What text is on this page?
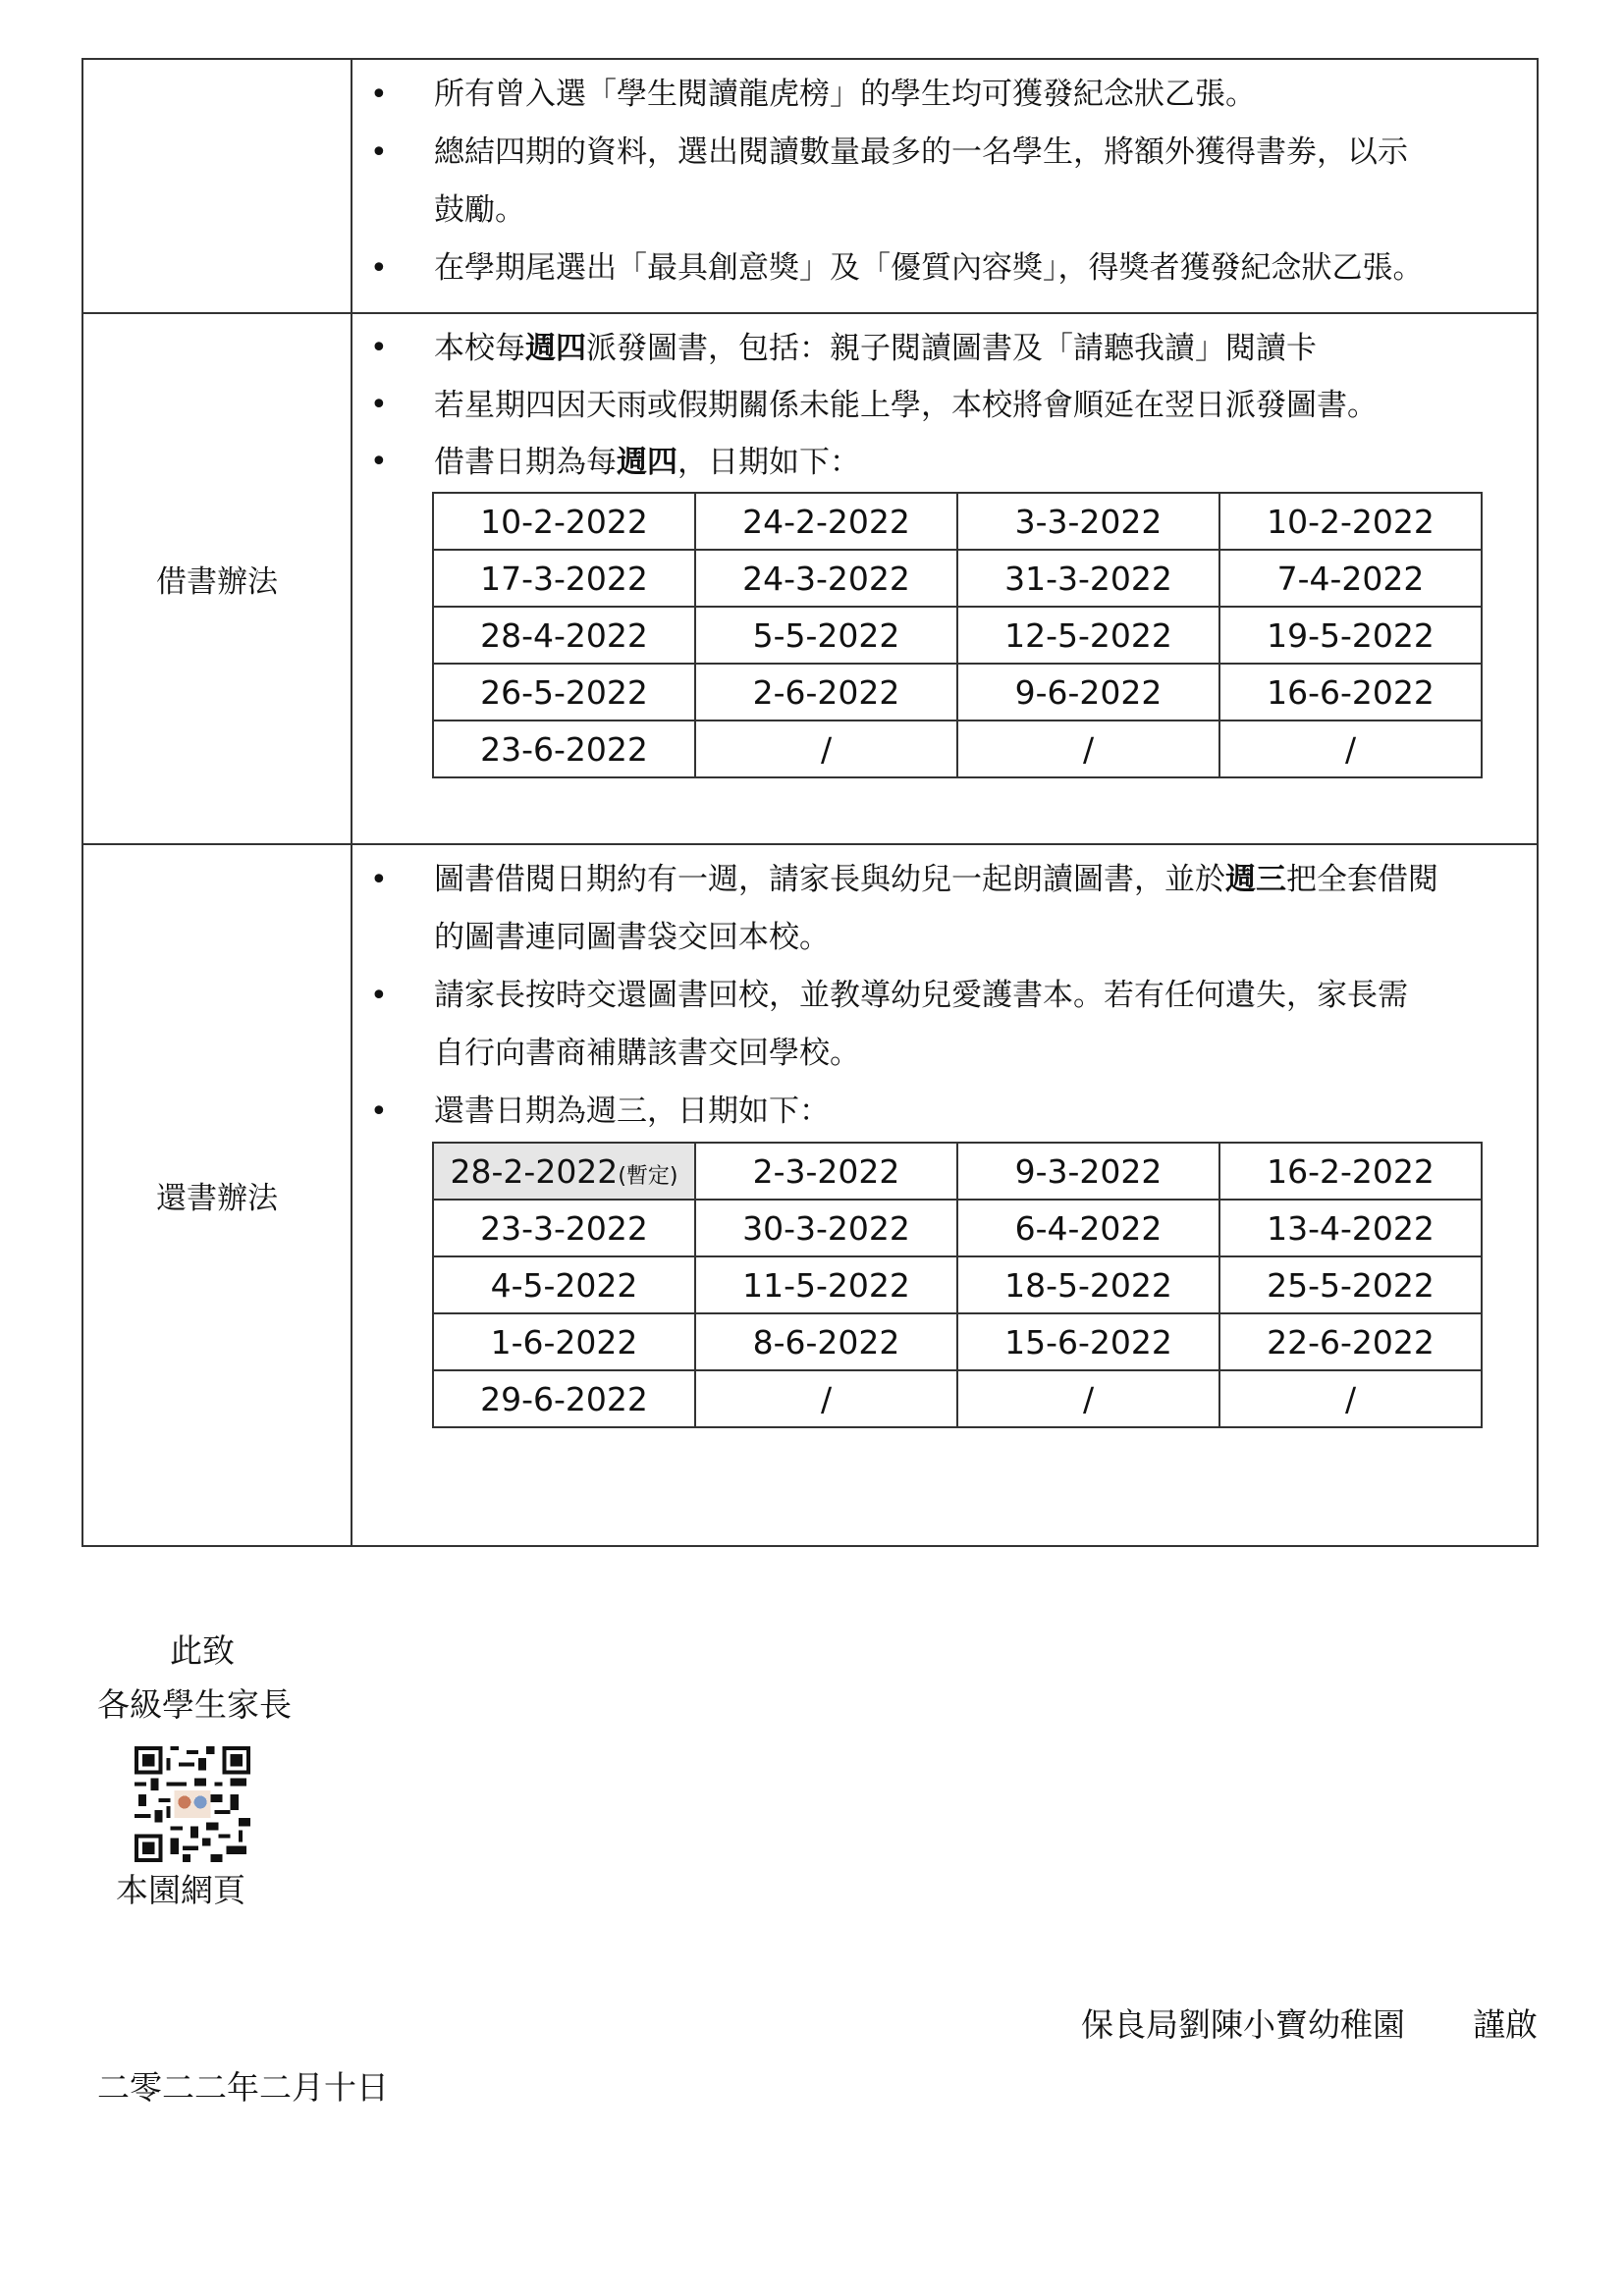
• 所有曾入選「學生閱讀龍虎榜」的學生均可獲發紀念狀乙張。
• 總結四期的資料，選出閱讀數量最多的一名學生，將額外獲得書劵，以示
鼓勵。
• 在學期尾選出「最具創意獎」及「優質內容獎」，得獎者獲發紀念狀乙張。

借書辦法	
• 本校每週四派發圖書，包括：親子閱讀圖書及「請聽我讀」閱讀卡
• 若星期四因天雨或假期關係未能上學，本校將會順延在翌日派發圖書。
• 借書日期為每週四，日期如下：
10-2-2022	24-2-2022	3-3-2022	10-2-2022
17-3-2022	24-3-2022	31-3-2022	7-4-2022
28-4-2022	5-5-2022	12-5-2022	19-5-2022
26-5-2022	2-6-2022	9-6-2022	16-6-2022
23-6-2022	/	/	/

還書辦法	
• 圖書借閱日期約有一週，請家長與幼兒一起朗讀圖書，並於週三把全套借閱
的圖書連同圖書袋交回本校。
• 請家長按時交還圖書回校，並教導幼兒愛護書本。若有任何遺失，家長需
自行向書商補購該書交回學校。
• 還書日期為週三，日期如下：
28-2-2022(暫定)	2-3-2022	9-3-2022	16-2-2022
23-3-2022	30-3-2022	6-4-2022	13-4-2022
4-5-2022	11-5-2022	18-5-2022	25-5-2022
1-6-2022	8-6-2022	15-6-2022	22-6-2022
29-6-2022	/	/	/
此致
各級學生家長
本園網頁
保良局劉陳小寶幼稚園 謹啟
二零二二年二月十日
